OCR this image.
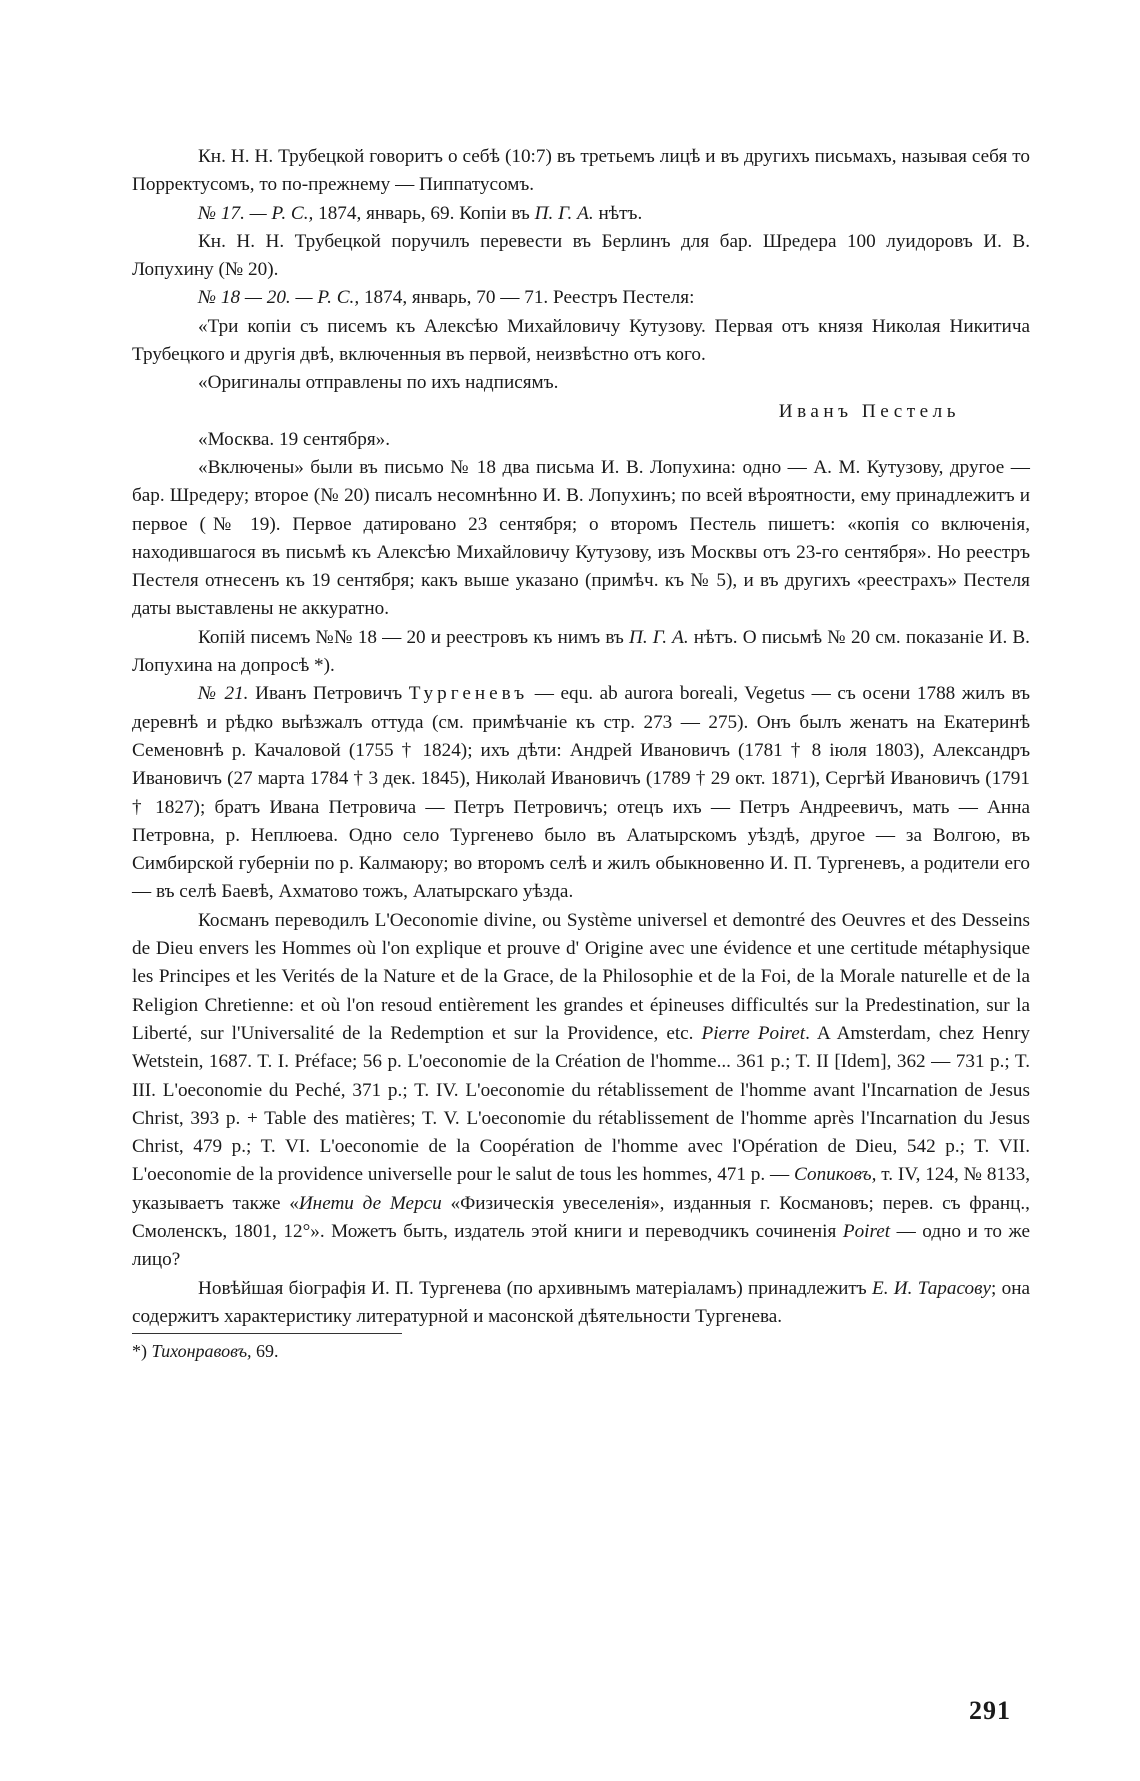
Кн. Н. Н. Трубецкой говоритъ о себѣ (10:7) въ третьемъ лицѣ и въ другихъ письмахъ, называя себя то Порректусомъ, то по-прежнему — Пиппатусомъ.

№ 17. — Р. С., 1874, январь, 69. Копіи въ П. Г. А. нѣтъ.

Кн. Н. Н. Трубецкой поручилъ перевести въ Берлинъ для бар. Шредера 100 луидоровъ И. В. Лопухину (№ 20).

№ 18 — 20. — Р. С., 1874, январь, 70 — 71. Реестръ Пестеля:

«Три копіи съ писемъ къ Алексѣю Михайловичу Кутузову. Первая отъ князя Николая Никитича Трубецкого и другія двѣ, включенныя въ первой, неизвѣстно отъ кого.

«Оригиналы отправлены по ихъ надписямъ.

Иванъ Пестель

«Москва. 19 сентября».

«Включены» были въ письмо № 18 два письма И. В. Лопухина: одно — А. М. Кутузову, другое — бар. Шредеру; второе (№ 20) писалъ несомнѣнно И. В. Лопухинъ; по всей вѣроятности, ему принадлежитъ и первое (№ 19). Первое датировано 23 сентября; о второмъ Пестель пишетъ: «копія со включенія, находившагося въ письмѣ къ Алексѣю Михайловичу Кутузову, изъ Москвы отъ 23-го сентября». Но реестръ Пестеля отнесенъ къ 19 сентября; какъ выше указано (примѣч. къ № 5), и въ другихъ «реестрахъ» Пестеля даты выставлены не аккуратно.

Копій писемъ №№ 18 — 20 и реестровъ къ нимъ въ П. Г. А. нѣтъ. О письмѣ № 20 см. показаніе И. В. Лопухина на допросѣ *).

№ 21. Иванъ Петровичъ Тургеневъ — equ. ab aurora boreali, Vegetus — съ осени 1788 жилъ въ деревнѣ и рѣдко выѣзжалъ оттуда (см. примѣчаніе къ стр. 273 — 275). Онъ былъ женатъ на Екатеринѣ Семеновнѣ р. Качаловой (1755 † 1824); ихъ дѣти: Андрей Ивановичъ (1781 † 8 іюля 1803), Александръ Ивановичъ (27 марта 1784 † 3 дек. 1845), Николай Ивановичъ (1789 † 29 окт. 1871), Сергѣй Ивановичъ (1791 † 1827); братъ Ивана Петровича — Петръ Петровичъ; отецъ ихъ — Петръ Андреевичъ, мать — Анна Петровна, р. Неплюева. Одно село Тургенево было въ Алатырскомъ уѣздѣ, другое — за Волгою, въ Симбирской губерніи по р. Калмаюру; во второмъ селѣ и жилъ обыкновенно И. П. Тургеневъ, а родители его — въ селѣ Баевѣ, Ахматово тожъ, Алатырскаго уѣзда.

Косманъ переводилъ L'Oeconomie divine, ou Système universel et demontré des Oeuvres et des Desseins de Dieu envers les Hommes où l'on explique et prouve d' Origine avec une évidence et une certitude métaphysique les Principes et les Verités de la Nature et de la Grace, de la Philosophie et de la Foi, de la Morale naturelle et de la Religion Chretienne: et où l'on resoud entièrement les grandes et épineuses difficultés sur la Predestination, sur la Liberté, sur l'Universalité de la Redemption et sur la Providence, etc. Pierre Poiret. A Amsterdam, chez Henry Wetstein, 1687. T. I. Préface; 56 p. L'oeconomie de la Création de l'homme... 361 p.; T. II [Idem], 362 — 731 p.; T. III. L'oeconomie du Peché, 371 p.; T. IV. L'oeconomie du rétablissement de l'homme avant l'Incarnation de Jesus Christ, 393 p. + Table des matières; T. V. L'oeconomie du rétablissement de l'homme après l'Incarnation du Jesus Christ, 479 p.; T. VI. L'oeconomie de la Coopération de l'homme avec l'Opération de Dieu, 542 p.; T. VII. L'oeconomie de la providence universelle pour le salut de tous les hommes, 471 p. — Сопиковъ, т. IV, 124, № 8133, указываетъ также «Инети де Мерси «Физическія увеселенія», изданныя г. Космановъ; перев. съ франц., Смоленскъ, 1801, 12°». Можетъ быть, издатель этой книги и переводчикъ сочиненія Poiret — одно и то же лицо?

Новѣйшая біографія И. П. Тургенева (по архивнымъ матеріаламъ) принадлежитъ Е. И. Тарасову; она содержитъ характеристику литературной и масонской дѣятельности Тургенева.

*) Тихонравовъ, 69.

291
